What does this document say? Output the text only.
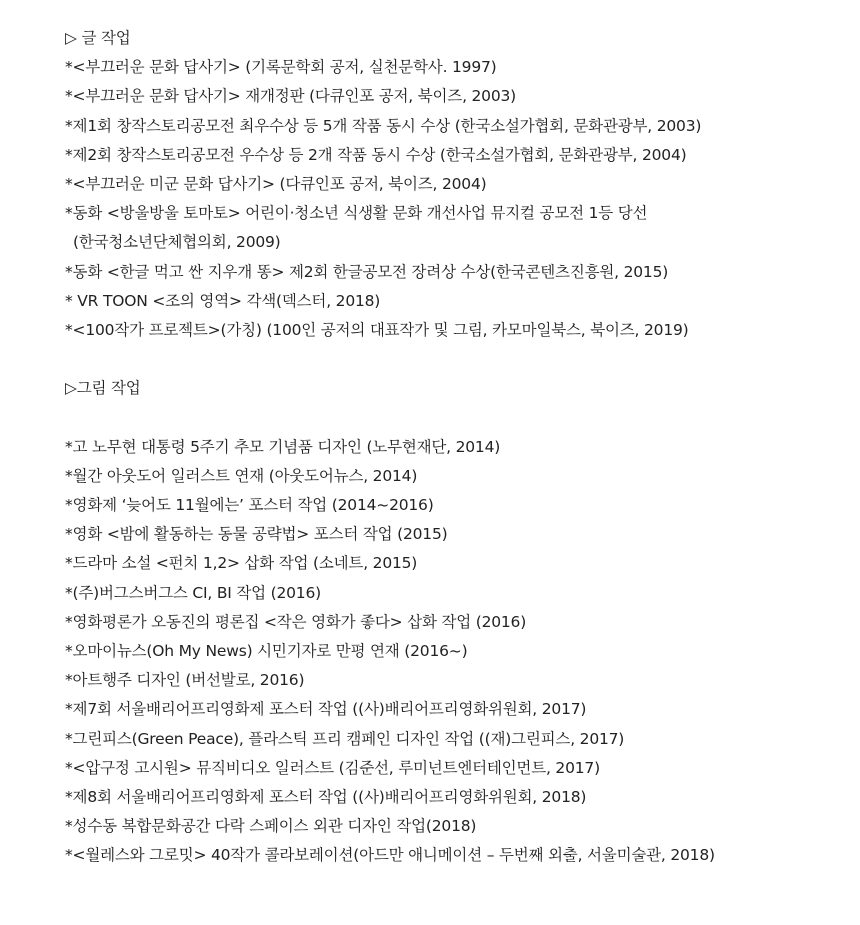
▷ 글 작업
*<부끄러운 문화 답사기> (기록문학회 공저, 실천문학사. 1997)
*<부끄러운 문화 답사기> 재개정판 (다큐인포 공저, 북이즈, 2003)
*제1회 창작스토리공모전 최우수상 등 5개 작품 동시 수상 (한국소설가협회, 문화관광부, 2003)
*제2회 창작스토리공모전 우수상 등 2개 작품 동시 수상 (한국소설가협회, 문화관광부, 2004)
*<부끄러운 미군 문화 답사기> (다큐인포 공저, 북이즈, 2004)
*동화 <방울방울 토마토> 어린이·청소년 식생활 문화 개선사업 뮤지컬 공모전 1등 당선
(한국청소년단체협의회, 2009)
*동화 <한글 먹고 싼 지우개 똥> 제2회 한글공모전 장려상 수상(한국콘텐츠진흥원, 2015)
* VR TOON <조의 영역> 각색(덱스터, 2018)
*<100작가 프로젝트>(가칭) (100인 공저의 대표작가 및 그림, 카모마일북스, 북이즈, 2019)
▷그림 작업
*고 노무현 대통령 5주기 추모 기념품 디자인 (노무현재단, 2014)
*월간 아웃도어 일러스트 연재 (아웃도어뉴스, 2014)
*영화제 ‘늦어도 11월에는’ 포스터 작업 (2014~2016)
*영화 <밤에 활동하는 동물 공략법> 포스터 작업 (2015)
*드라마 소설 <펀치 1,2> 삽화 작업 (소네트, 2015)
*(주)버그스버그스 CI, BI 작업 (2016)
*영화평론가 오동진의 평론집 <작은 영화가 좋다> 삽화 작업 (2016)
*오마이뉴스(Oh My News) 시민기자로 만평 연재 (2016~)
*아트행주 디자인 (버선발로, 2016)
*제7회 서울배리어프리영화제 포스터 작업 ((사)배리어프리영화위원회, 2017)
*그린피스(Green Peace), 플라스틱 프리 캠페인 디자인 작업 ((재)그린피스, 2017)
*<압구정 고시원> 뮤직비디오 일러스트 (김준선, 루미넌트엔터테인먼트, 2017)
*제8회 서울배리어프리영화제 포스터 작업 ((사)배리어프리영화위원회, 2018)
*성수동 복합문화공간 다락 스페이스 외관 디자인 작업(2018)
*<월레스와 그로밋> 40작가 콜라보레이션(아드만 애니메이션 – 두번째 외출, 서울미술관, 2018)
